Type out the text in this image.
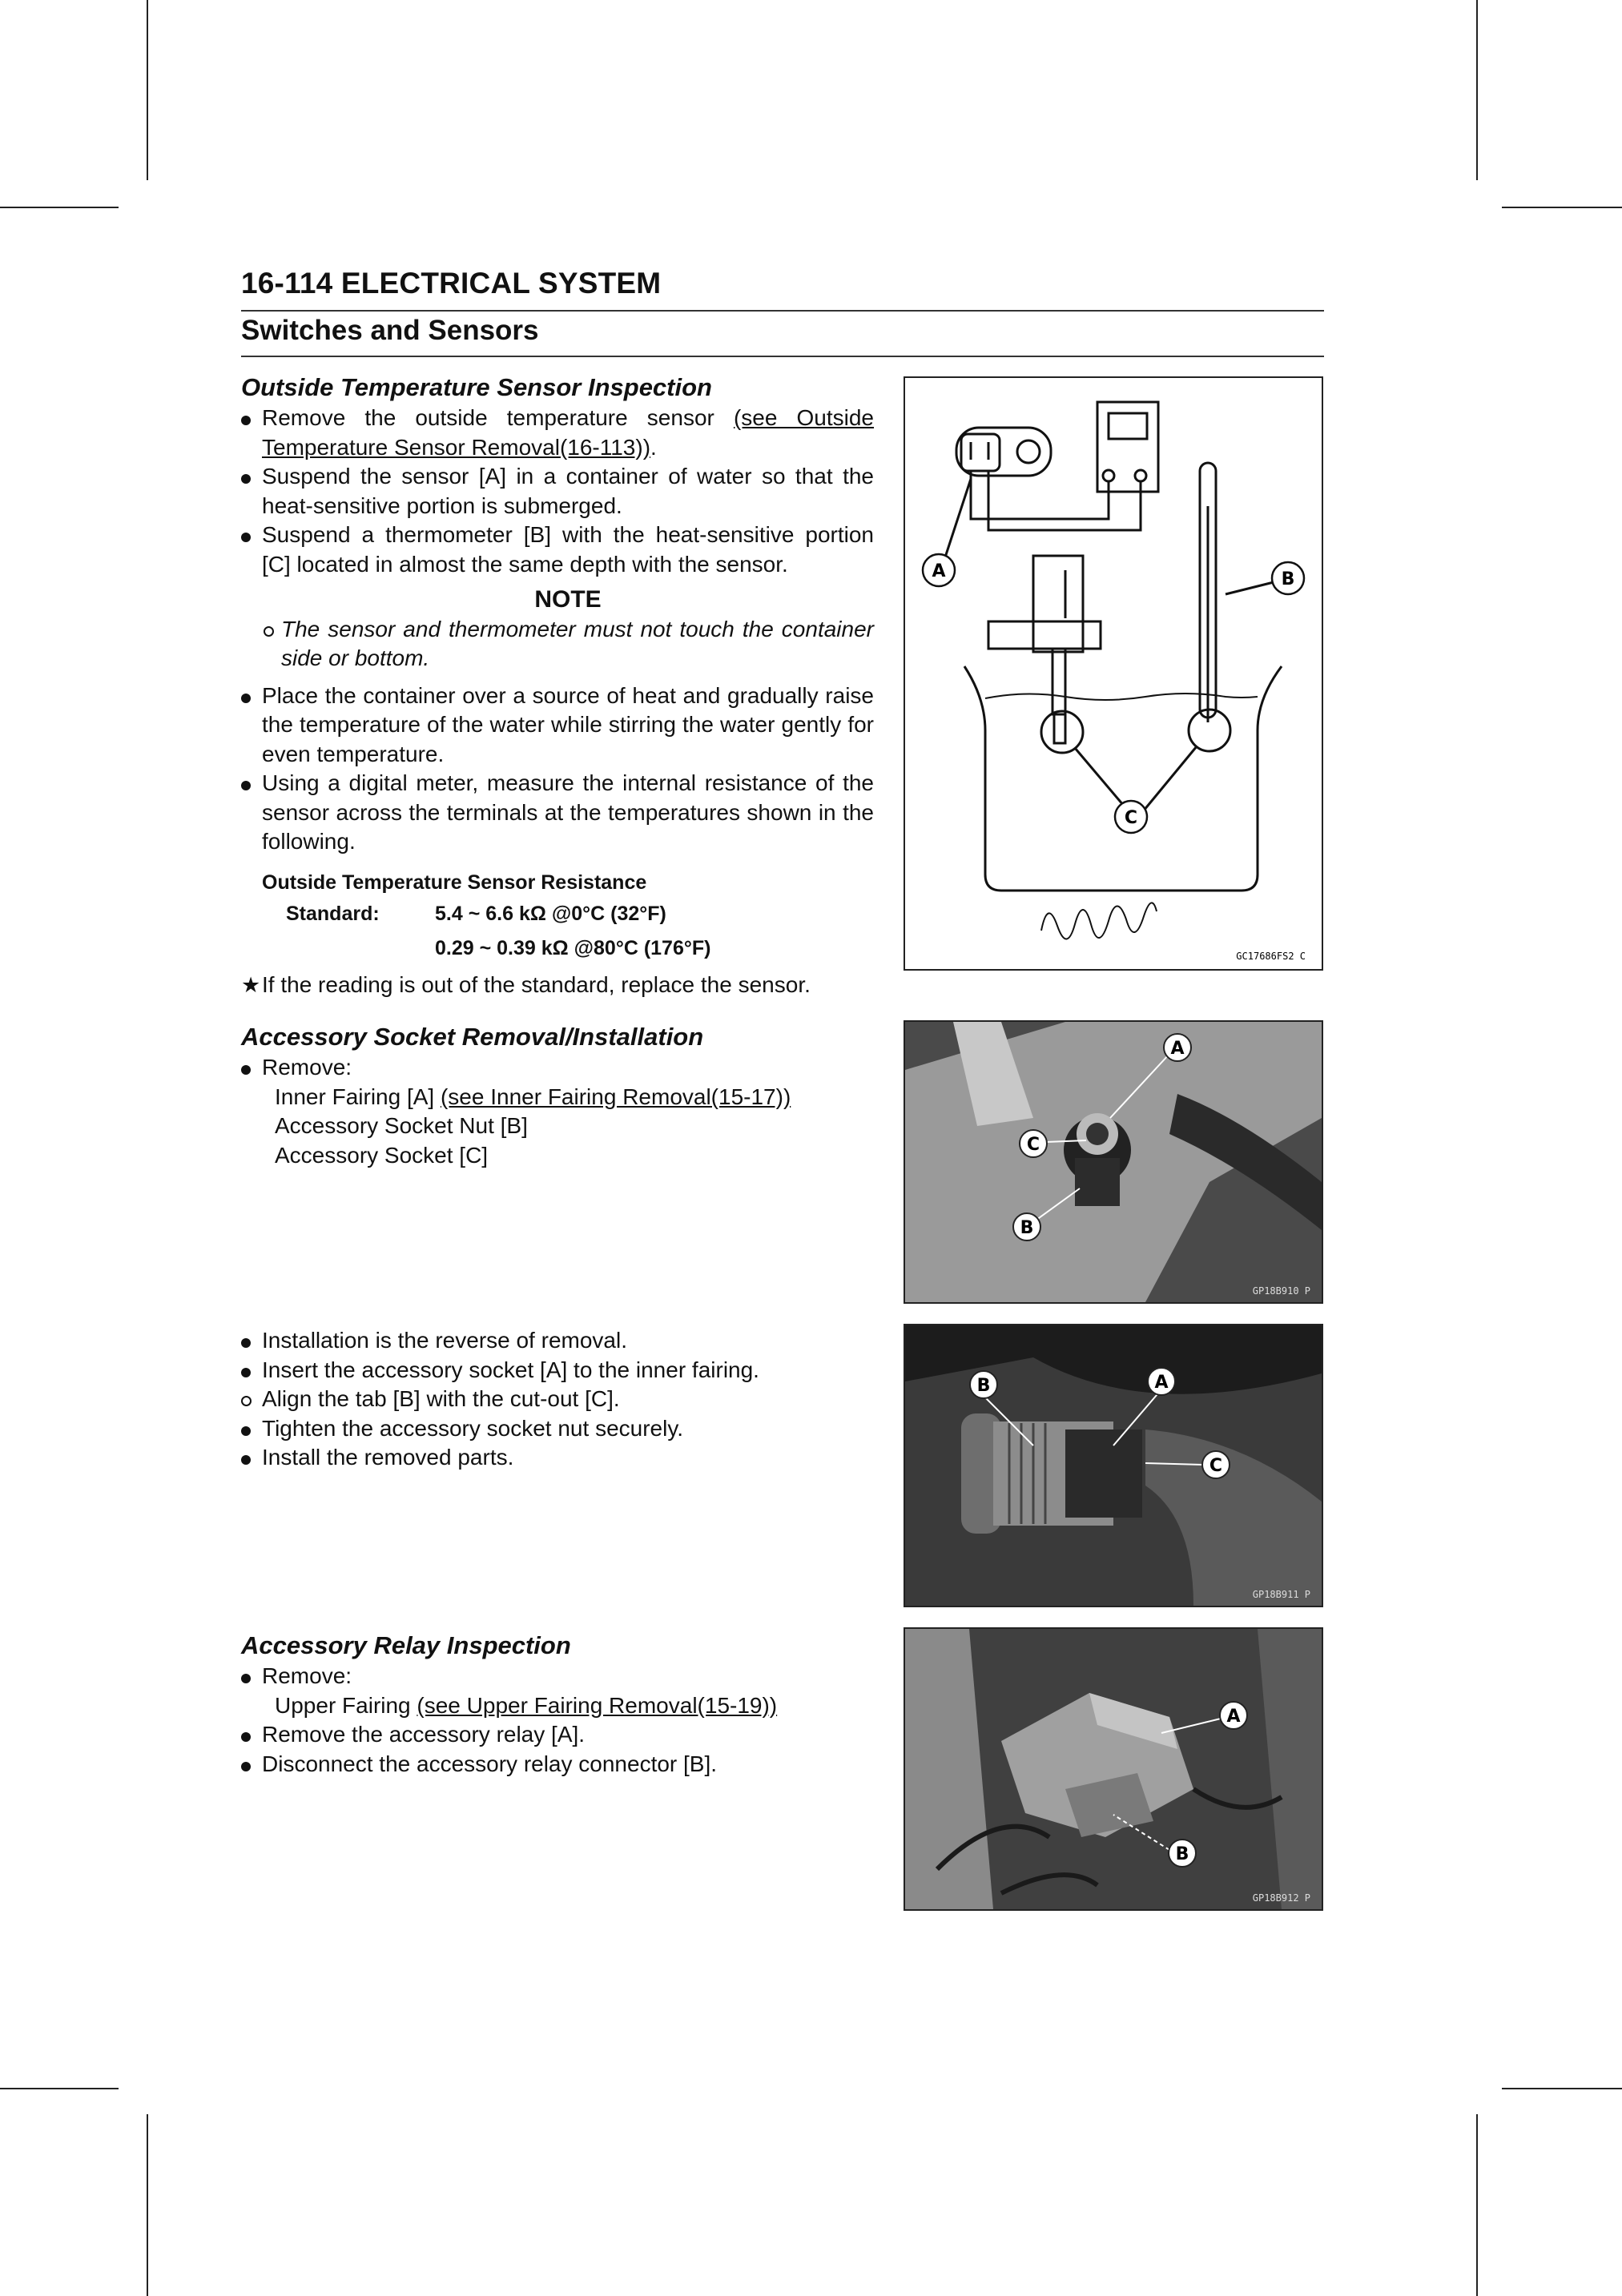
16-114 ELECTRICAL SYSTEM
Switches and Sensors
Outside Temperature Sensor Inspection
Remove the outside temperature sensor (see Outside Temperature Sensor Removal(16-113)).
Suspend the sensor [A] in a container of water so that the heat-sensitive portion is submerged.
Suspend a thermometer [B] with the heat-sensitive portion [C] located in almost the same depth with the sensor.
NOTE
The sensor and thermometer must not touch the container side or bottom.
Place the container over a source of heat and gradually raise the temperature of the water while stirring the water gently for even temperature.
Using a digital meter, measure the internal resistance of the sensor across the terminals at the temperatures shown in the following.
Outside Temperature Sensor Resistance
Standard:	5.4 ~ 6.6 kΩ @0°C (32°F)
0.29 ~ 0.39 kΩ @80°C (176°F)
★ If the reading is out of the standard, replace the sensor.
A	B
C
GC17686FS2 C
Accessory Socket Removal/Installation
Remove:
Inner Fairing [A] (see Inner Fairing Removal(15-17))
Accessory Socket Nut [B]
Accessory Socket [C]
A
C
B
GP18B910 P
Installation is the reverse of removal.
Insert the accessory socket [A] to the inner fairing.
Align the tab [B] with the cut-out [C].
Tighten the accessory socket nut securely.
Install the removed parts.
B	A
C
GP18B911 P
Accessory Relay Inspection
Remove:
Upper Fairing (see Upper Fairing Removal(15-19))
Remove the accessory relay [A].
Disconnect the accessory relay connector [B].
A
B
GP18B912 P
